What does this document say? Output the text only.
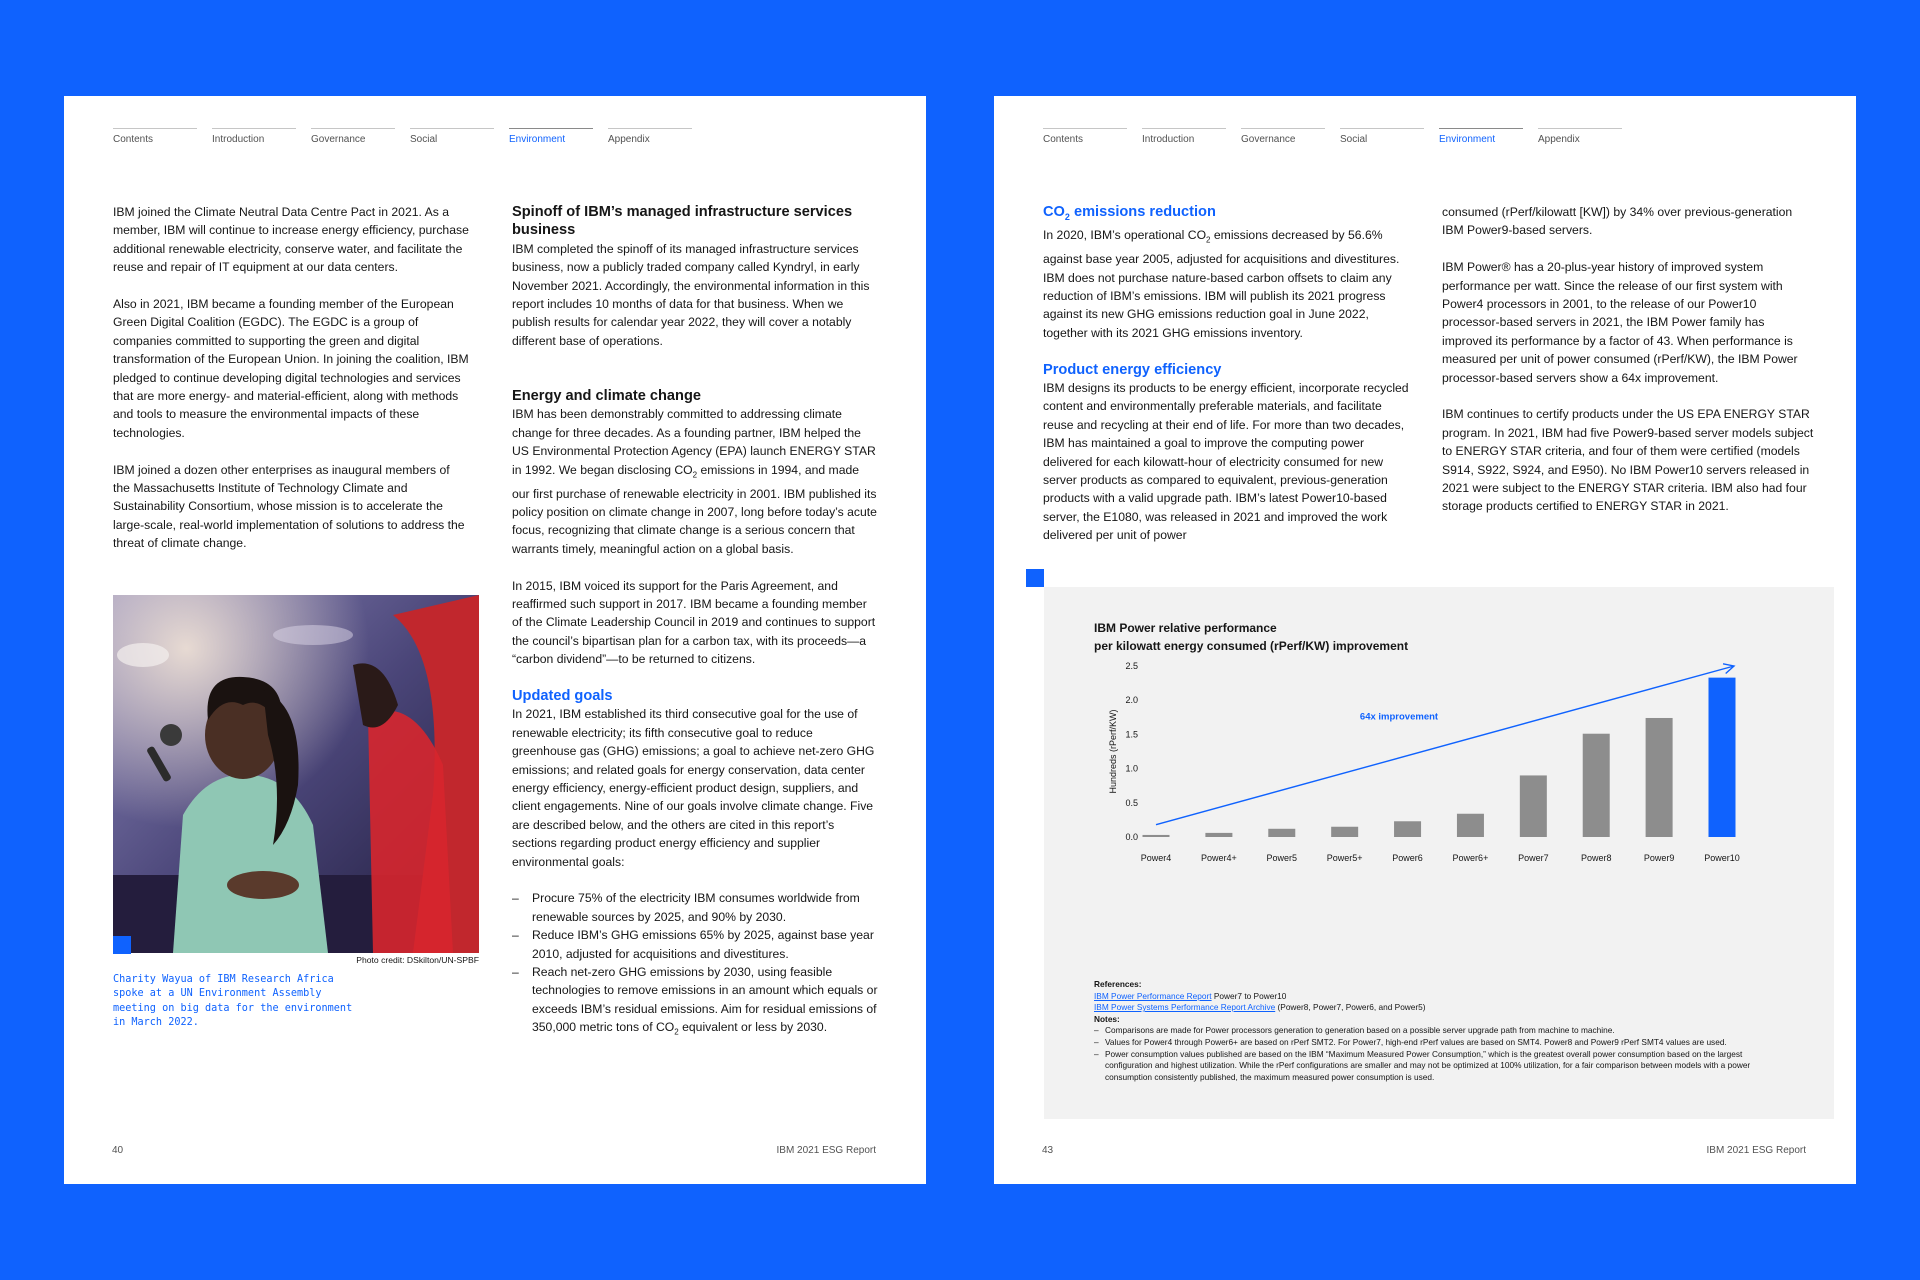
Contents	Introduction	Governance	Social	Environment	Appendix

IBM joined the Climate Neutral Data Centre Pact in 2021. As a member, IBM will continue to increase energy efficiency, purchase additional renewable electricity, conserve water, and facilitate the reuse and repair of IT equipment at our data centers.

Also in 2021, IBM became a founding member of the European Green Digital Coalition (EGDC). The EGDC is a group of companies committed to supporting the green and digital transformation of the European Union. In joining the coalition, IBM pledged to continue developing digital technologies and services that are more energy- and material-efficient, along with methods and tools to measure the environmental impacts of these technologies.

IBM joined a dozen other enterprises as inaugural members of the Massachusetts Institute of Technology Climate and Sustainability Consortium, whose mission is to accelerate the large-scale, real-world implementation of solutions to address the threat of climate change.

Photo credit: DSkilton/UN-SPBF
Charity Wayua of IBM Research Africa spoke at a UN Environment Assembly meeting on big data for the environment in March 2022.
Spinoff of IBM’s managed infrastructure services business

IBM completed the spinoff of its managed infrastructure services business, now a publicly traded company called Kyndryl, in early November 2021. Accordingly, the environmental information in this report includes 10 months of data for that business. When we publish results for calendar year 2022, they will cover a notably different base of operations.

Energy and climate change

IBM has been demonstrably committed to addressing climate change for three decades. As a founding partner, IBM helped the US Environmental Protection Agency (EPA) launch ENERGY STAR in 1992. We began disclosing $CO_2$ emissions in 1994, and made our first purchase of renewable electricity in 2001. IBM published its policy position on climate change in 2007, long before today’s acute focus, recognizing that climate change is a serious concern that warrants timely, meaningful action on a global basis.

In 2015, IBM voiced its support for the Paris Agreement, and reaffirmed such support in 2017. IBM became a founding member of the Climate Leadership Council in 2019 and continues to support the council’s bipartisan plan for a carbon tax, with its proceeds—a “carbon dividend”—to be returned to citizens.

Updated goals

In 2021, IBM established its third consecutive goal for the use of renewable electricity; its fifth consecutive goal to reduce greenhouse gas (GHG) emissions; a goal to achieve net-zero GHG emissions; and related goals for energy conservation, data center energy efficiency, energy-efficient product design, suppliers, and client engagements. Nine of our goals involve climate change. Five are described below, and the others are cited in this report’s sections regarding product energy efficiency and supplier environmental goals:

– Procure 75% of the electricity IBM consumes worldwide from renewable sources by 2025, and 90% by 2030.
– Reduce IBM’s GHG emissions 65% by 2025, against base year 2010, adjusted for acquisitions and divestitures.
– Reach net-zero GHG emissions by 2030, using feasible technologies to remove emissions in an amount which equals or exceeds IBM’s residual emissions. Aim for residual emissions of 350,000 metric tons of $CO_2$ equivalent or less by 2030.
40	IBM 2021 ESG Report
Contents	Introduction	Governance	Social	Environment	Appendix
$CO_2$ emissions reduction

In 2020, IBM’s operational $CO_2$ emissions decreased by 56.6% against base year 2005, adjusted for acquisitions and divestitures. IBM does not purchase nature-based carbon offsets to claim any reduction of IBM’s emissions. IBM will publish its 2021 progress against its new GHG emissions reduction goal in June 2022, together with its 2021 GHG emissions inventory.

Product energy efficiency

IBM designs its products to be energy efficient, incorporate recycled content and environmentally preferable materials, and facilitate reuse and recycling at their end of life. For more than two decades, IBM has maintained a goal to improve the computing power delivered for each kilowatt-hour of electricity consumed for new server products as compared to equivalent, previous-generation products with a valid upgrade path. IBM’s latest Power10-based server, the E1080, was released in 2021 and improved the work delivered per unit of power

consumed (rPerf/kilowatt [KW]) by 34% over previous-generation IBM Power9-based servers.

IBM Power® has a 20-plus-year history of improved system performance per watt. Since the release of our first system with Power4 processors in 2001, to the release of our Power10 processor-based servers in 2021, the IBM Power family has improved its performance by a factor of 43. When performance is measured per unit of power consumed (rPerf/KW), the IBM Power processor-based servers show a 64x improvement.

IBM continues to certify products under the US EPA ENERGY STAR program. In 2021, IBM had five Power9-based server models subject to ENERGY STAR criteria, and four of them were certified (models S914, S922, S924, and E950). No IBM Power10 servers released in 2021 were subject to the ENERGY STAR criteria. IBM also had four storage products certified to ENERGY STAR in 2021.

IBM Power relative performance
per kilowatt energy consumed (rPerf/KW) improvement
0.0
0.5
1.0
1.5
2.0
2.5
Hundreds (rPerf/KW)
Power4	Power4+	Power5	Power5+	Power6	Power6+	Power7	Power8	Power9	Power10
64x improvement
References:
IBM Power Performance Report Power7 to Power10
IBM Power Systems Performance Report Archive (Power8, Power7, Power6, and Power5)
Notes:
– Comparisons are made for Power processors generation to generation based on a possible server upgrade path from machine to machine.
– Values for Power4 through Power6+ are based on rPerf SMT2. For Power7, high-end rPerf values are based on SMT4. Power8 and Power9 rPerf SMT4 values are used.
– Power consumption values published are based on the IBM “Maximum Measured Power Consumption,” which is the greatest overall power consumption based on the largest configuration and highest utilization. While the rPerf configurations are smaller and may not be optimized at 100% utilization, for a fair comparison between models with a power consumption consistently published, the maximum measured power consumption is used.
43	IBM 2021 ESG Report
